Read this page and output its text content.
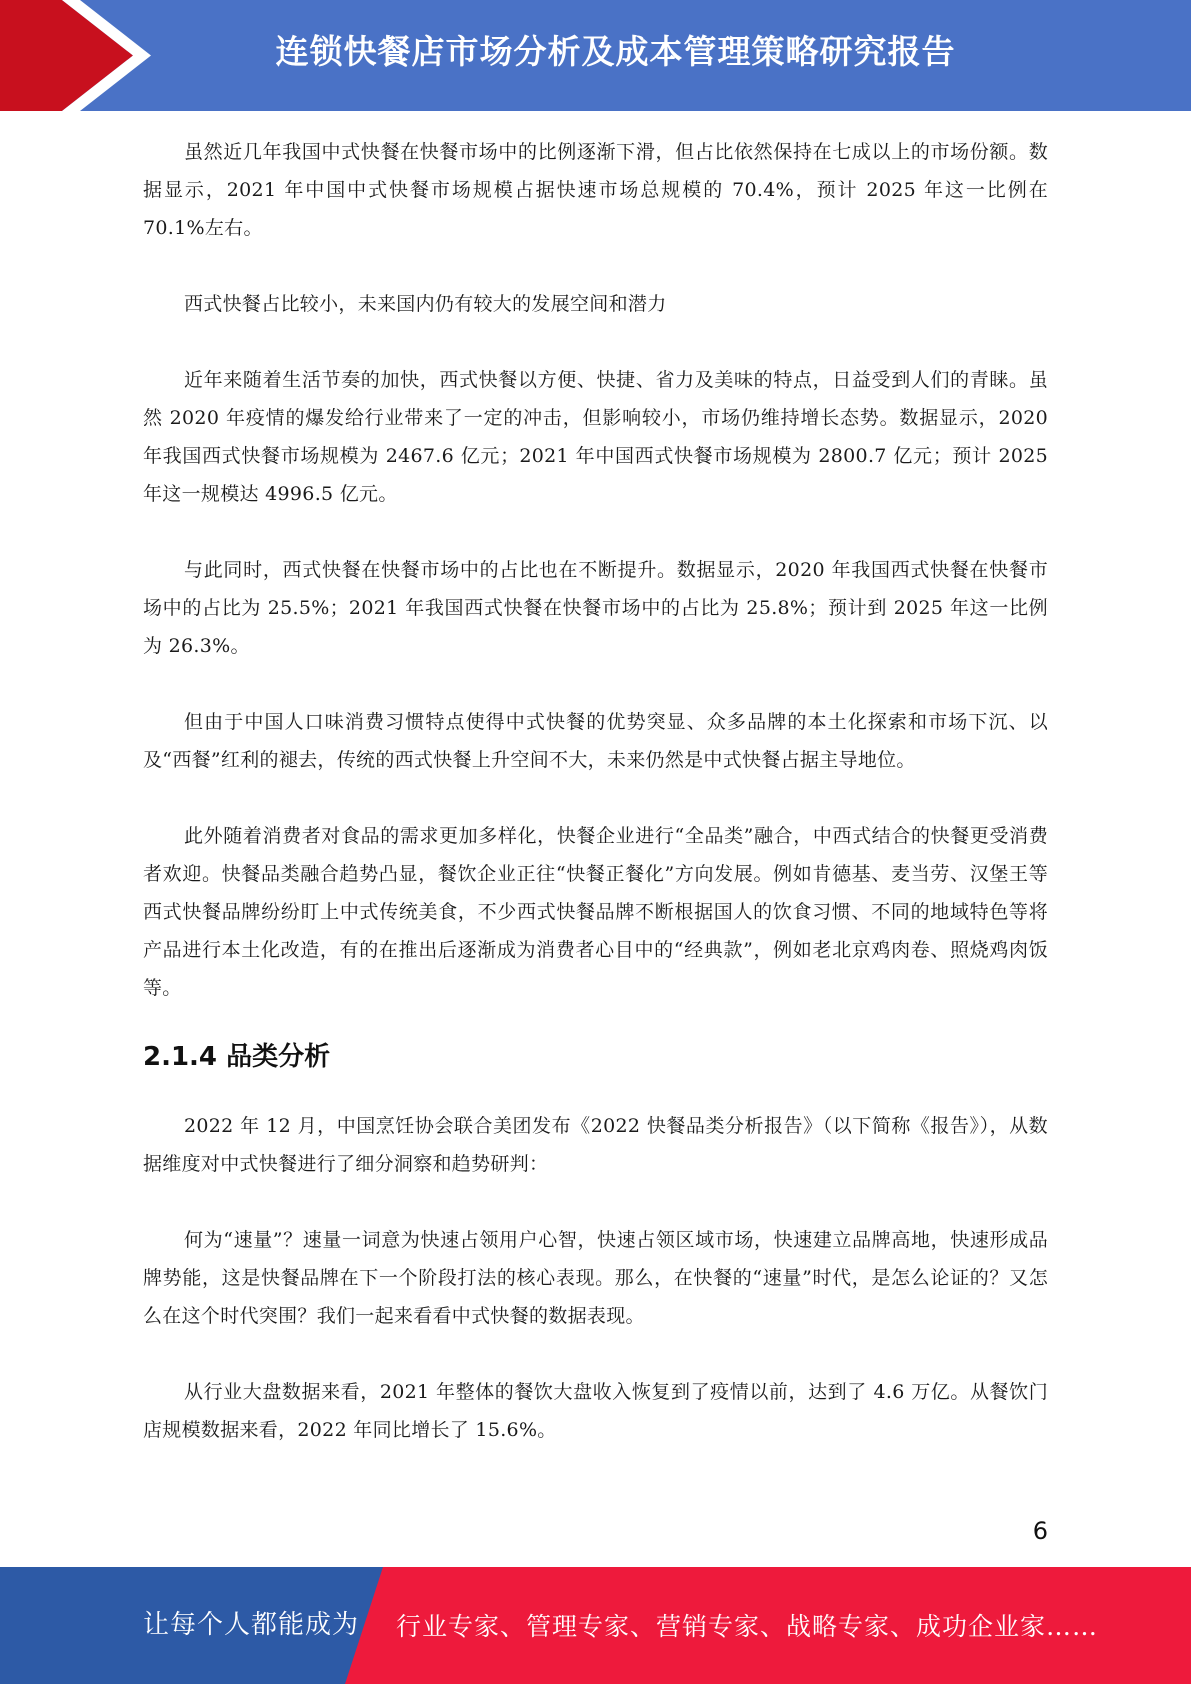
连锁快餐店市场分析及成本管理策略研究报告

虽然近几年我国中式快餐在快餐市场中的比例逐渐下滑，但占比依然保持在七成以上的市场份额。数据显示，2021 年中国中式快餐市场规模占据快速市场总规模的 70.4%，预计 2025 年这一比例在 70.1%左右。

西式快餐占比较小，未来国内仍有较大的发展空间和潜力

近年来随着生活节奏的加快，西式快餐以方便、快捷、省力及美味的特点，日益受到人们的青睐。虽然 2020 年疫情的爆发给行业带来了一定的冲击，但影响较小，市场仍维持增长态势。数据显示，2020 年我国西式快餐市场规模为 2467.6 亿元；2021 年中国西式快餐市场规模为 2800.7 亿元；预计 2025 年这一规模达 4996.5 亿元。

与此同时，西式快餐在快餐市场中的占比也在不断提升。数据显示，2020 年我国西式快餐在快餐市场中的占比为 25.5%；2021 年我国西式快餐在快餐市场中的占比为 25.8%；预计到 2025 年这一比例为 26.3%。

但由于中国人口味消费习惯特点使得中式快餐的优势突显、众多品牌的本土化探索和市场下沉、以及“西餐”红利的褪去，传统的西式快餐上升空间不大，未来仍然是中式快餐占据主导地位。

此外随着消费者对食品的需求更加多样化，快餐企业进行“全品类”融合，中西式结合的快餐更受消费者欢迎。快餐品类融合趋势凸显，餐饮企业正往“快餐正餐化”方向发展。例如肯德基、麦当劳、汉堡王等西式快餐品牌纷纷盯上中式传统美食，不少西式快餐品牌不断根据国人的饮食习惯、不同的地域特色等将产品进行本土化改造，有的在推出后逐渐成为消费者心目中的“经典款”，例如老北京鸡肉卷、照烧鸡肉饭等。

2.1.4 品类分析

2022 年 12 月，中国烹饪协会联合美团发布《2022 快餐品类分析报告》（以下简称《报告》），从数据维度对中式快餐进行了细分洞察和趋势研判：

何为“速量”？速量一词意为快速占领用户心智，快速占领区域市场，快速建立品牌高地，快速形成品牌势能，这是快餐品牌在下一个阶段打法的核心表现。那么，在快餐的“速量”时代，是怎么论证的？又怎么在这个时代突围？我们一起来看看中式快餐的数据表现。

从行业大盘数据来看，2021 年整体的餐饮大盘收入恢复到了疫情以前，达到了 4.6 万亿。从餐饮门店规模数据来看，2022 年同比增长了 15.6%。

6
让每个人都能成为 行业专家、管理专家、营销专家、战略专家、成功企业家……
